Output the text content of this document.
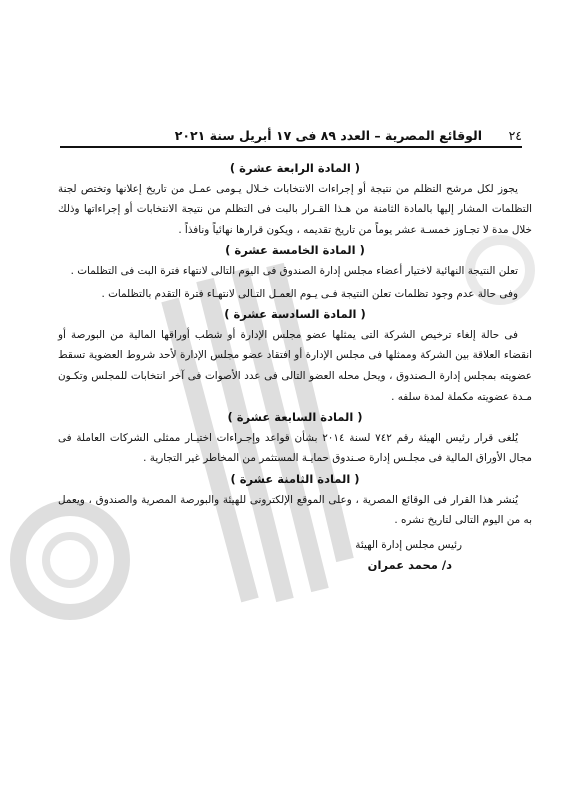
٢٤
الوقائع المصرية – العدد ٨٩ فى ١٧ أبريل سنة ٢٠٢١
( المادة الرابعة عشرة )

يجوز لكل مرشح التظلم من نتيجة أو إجراءات الانتخابات خـلال يـومى عمـل من تاريخ إعلانها وتختص لجنة التظلمات المشار إليها بالمادة الثامنة من هـذا القـرار بالبت فى التظلم من نتيجة الانتخابات أو إجراءاتها وذلك خلال مدة لا تجـاوز خمسـة عشر يوماً من تاريخ تقديمه ، ويكون قرارها نهائياً ونافذاً .

( المادة الخامسة عشرة )

تعلن النتيجة النهائية لاختيار أعضاء مجلس إدارة الصندوق فى اليوم التالى لانتهاء فترة البت فى التظلمات .

وفى حالة عدم وجود تظلمات تعلن النتيجة فـى يـوم العمـل التـالى لانتهـاء فترة التقدم بالتظلمات .

( المادة السادسة عشرة )

فى حالة إلغاء ترخيص الشركة التى يمثلها عضو مجلس الإدارة أو شطب أوراقها المالية من البورصة أو انقضاء العلاقة بين الشركة وممثلها فى مجلس الإدارة أو افتقاد عضو مجلس الإدارة لأحد شروط العضوية تسقط عضويته بمجلس إدارة الـصندوق ، ويحل محله العضو التالى فى عدد الأصوات فى آخر انتخابات للمجلس وتكـون مـدة عضويته مكملة لمدة سلفه .

( المادة السابعة عشرة )

يُلغى قرار رئيس الهيئة رقم ٧٤٢ لسنة ٢٠١٤ بشأن قواعد وإجـراءات اختيـار ممثلى الشركات العاملة فى مجال الأوراق المالية فى مجلـس إدارة صـندوق حمايـة المستثمر من المخاطر غير التجارية .

( المادة الثامنة عشرة )

يُنشر هذا القرار فى الوقائع المصرية ، وعلى الموقع الإلكترونى للهيئة والبورصة المصرية والصندوق ، ويعمل به من اليوم التالى لتاريخ نشره .

رئيس مجلس إدارة الهيئة
د/ محمد عمران
